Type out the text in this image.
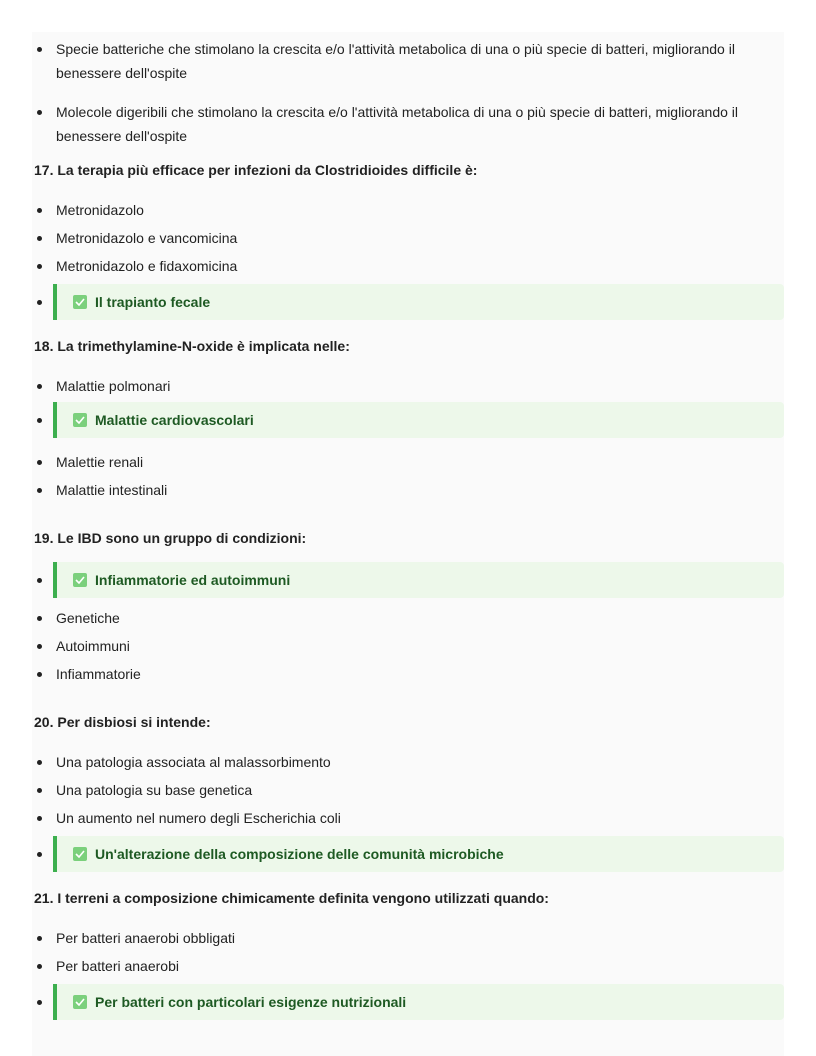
Specie batteriche che stimolano la crescita e/o l'attività metabolica di una o più specie di batteri, migliorando il benessere dell'ospite
Molecole digeribili che stimolano la crescita e/o l'attività metabolica di una o più specie di batteri, migliorando il benessere dell'ospite

17. La terapia più efficace per infezioni da Clostridioides difficile è:

Metronidazolo
Metronidazolo e vancomicina
Metronidazolo e fidaxomicina
Il trapianto fecale

18. La trimethylamine-N-oxide è implicata nelle:

Malattie polmonari
Malattie cardiovascolari
Malettie renali
Malattie intestinali

19. Le IBD sono un gruppo di condizioni:

Infiammatorie ed autoimmuni
Genetiche
Autoimmuni
Infiammatorie

20. Per disbiosi si intende:

Una patologia associata al malassorbimento
Una patologia su base genetica
Un aumento nel numero degli Escherichia coli
Un'alterazione della composizione delle comunità microbiche

21. I terreni a composizione chimicamente definita vengono utilizzati quando:

Per batteri anaerobi obbligati
Per batteri anaerobi
Per batteri con particolari esigenze nutrizionali
